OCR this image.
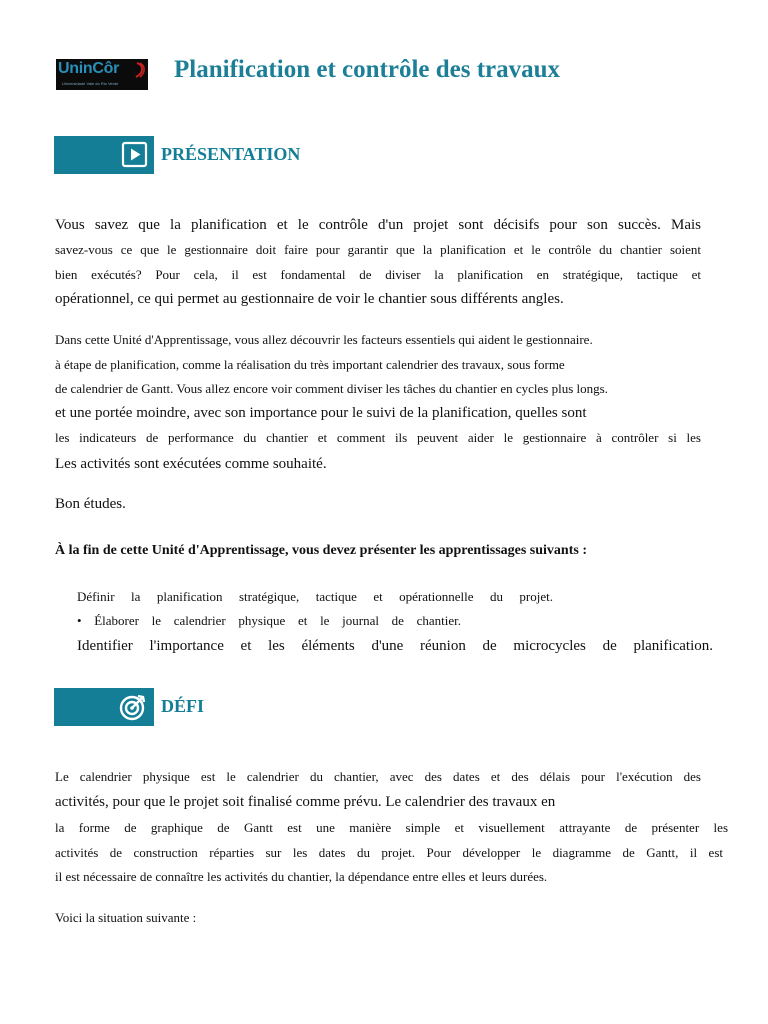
UninCôr
Universidade Vale do Rio Verde
Planification et contrôle des travaux
PRÉSENTATION
Vous savez que la planification et le contrôle d'un projet sont décisifs pour son succès. Mais
savez-vous ce que le gestionnaire doit faire pour garantir que la planification et le contrôle du chantier soient
bien exécutés? Pour cela, il est fondamental de diviser la planification en stratégique, tactique et
opérationnel, ce qui permet au gestionnaire de voir le chantier sous différents angles.
Dans cette Unité d'Apprentissage, vous allez découvrir les facteurs essentiels qui aident le gestionnaire.
à étape de planification, comme la réalisation du très important calendrier des travaux, sous forme
de calendrier de Gantt. Vous allez encore voir comment diviser les tâches du chantier en cycles plus longs.
et une portée moindre, avec son importance pour le suivi de la planification, quelles sont
les indicateurs de performance du chantier et comment ils peuvent aider le gestionnaire à contrôler si les
Les activités sont exécutées comme souhaité.
Bon études.
À la fin de cette Unité d'Apprentissage, vous devez présenter les apprentissages suivants :
Définir la planification stratégique, tactique et opérationnelle du projet.
• Élaborer le calendrier physique et le journal de chantier.
Identifier l'importance et les éléments d'une réunion de microcycles de planification.
DÉFI
Le calendrier physique est le calendrier du chantier, avec des dates et des délais pour l'exécution des
activités, pour que le projet soit finalisé comme prévu. Le calendrier des travaux en
la forme de graphique de Gantt est une manière simple et visuellement attrayante de présenter les
activités de construction réparties sur les dates du projet. Pour développer le diagramme de Gantt, il est
il est nécessaire de connaître les activités du chantier, la dépendance entre elles et leurs durées.
Voici la situation suivante :
